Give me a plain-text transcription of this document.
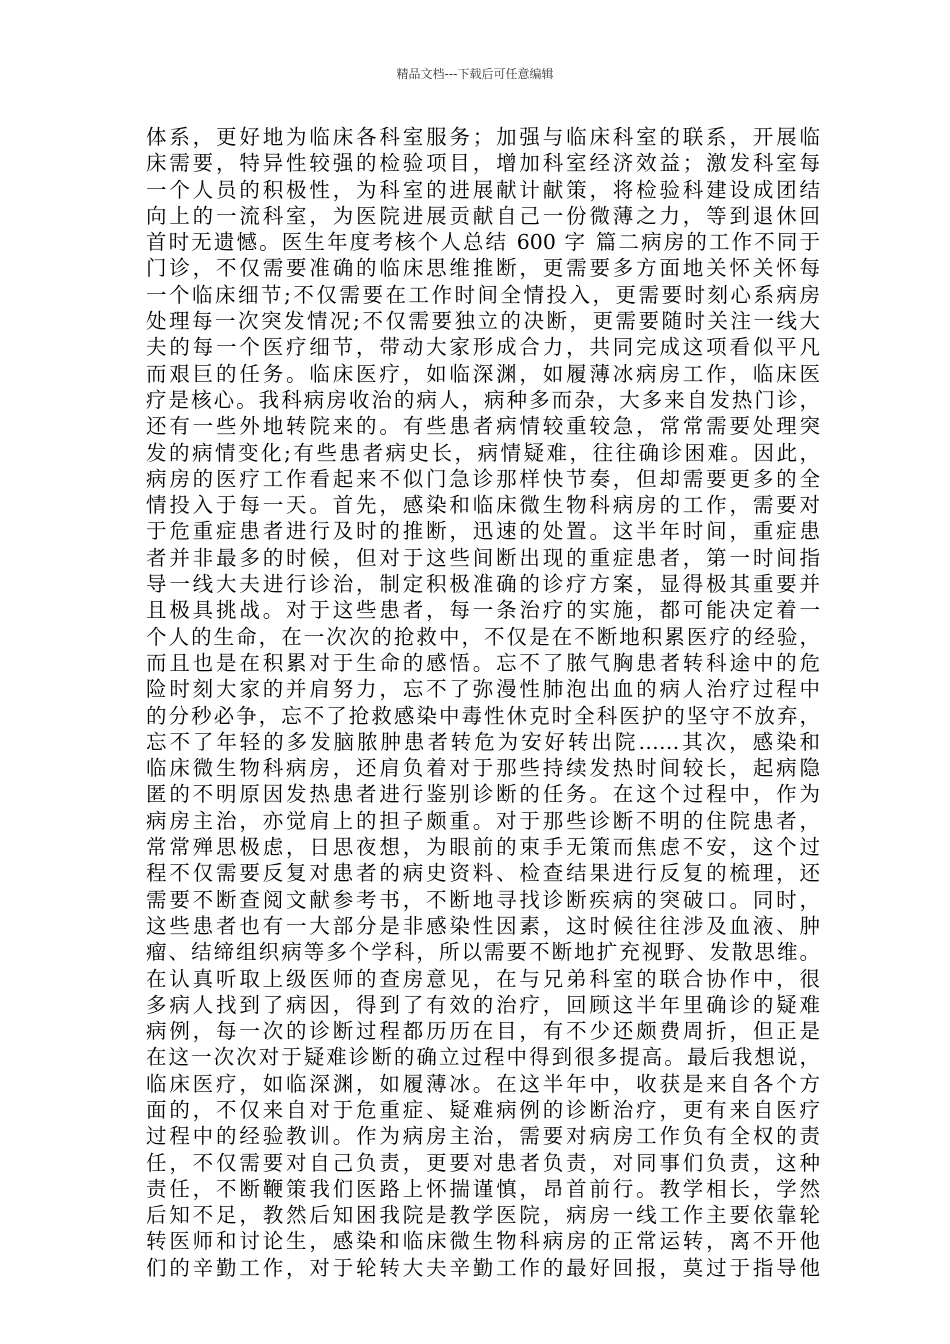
精品文档---下载后可任意编辑
体系，更好地为临床各科室服务；加强与临床科室的联系，开展临
床需要，特异性较强的检验项目，增加科室经济效益；激发科室每
一个人员的积极性，为科室的进展献计献策，将检验科建设成团结
向上的一流科室，为医院进展贡献自己一份微薄之力，等到退休回
首时无遗憾。医生年度考核个人总结 600 字 篇二病房的工作不同于
门诊，不仅需要准确的临床思维推断，更需要多方面地关怀关怀每
一个临床细节;不仅需要在工作时间全情投入，更需要时刻心系病房
处理每一次突发情况;不仅需要独立的决断，更需要随时关注一线大
夫的每一个医疗细节，带动大家形成合力，共同完成这项看似平凡
而艰巨的任务。临床医疗，如临深渊，如履薄冰病房工作，临床医
疗是核心。我科病房收治的病人，病种多而杂，大多来自发热门诊，
还有一些外地转院来的。有些患者病情较重较急，常常需要处理突
发的病情变化;有些患者病史长，病情疑难，往往确诊困难。因此，
病房的医疗工作看起来不似门急诊那样快节奏，但却需要更多的全
情投入于每一天。首先，感染和临床微生物科病房的工作，需要对
于危重症患者进行及时的推断，迅速的处置。这半年时间，重症患
者并非最多的时候，但对于这些间断出现的重症患者，第一时间指
导一线大夫进行诊治，制定积极准确的诊疗方案，显得极其重要并
且极具挑战。对于这些患者，每一条治疗的实施，都可能决定着一
个人的生命，在一次次的抢救中，不仅是在不断地积累医疗的经验，
而且也是在积累对于生命的感悟。忘不了脓气胸患者转科途中的危
险时刻大家的并肩努力，忘不了弥漫性肺泡出血的病人治疗过程中
的分秒必争，忘不了抢救感染中毒性休克时全科医护的坚守不放弃，
忘不了年轻的多发脑脓肿患者转危为安好转出院……其次，感染和
临床微生物科病房，还肩负着对于那些持续发热时间较长，起病隐
匿的不明原因发热患者进行鉴别诊断的任务。在这个过程中，作为
病房主治，亦觉肩上的担子颇重。对于那些诊断不明的住院患者，
常常殚思极虑，日思夜想，为眼前的束手无策而焦虑不安，这个过
程不仅需要反复对患者的病史资料、检查结果进行反复的梳理，还
需要不断查阅文献参考书，不断地寻找诊断疾病的突破口。同时，
这些患者也有一大部分是非感染性因素，这时候往往涉及血液、肿
瘤、结缔组织病等多个学科，所以需要不断地扩充视野、发散思维。
在认真听取上级医师的查房意见，在与兄弟科室的联合协作中，很
多病人找到了病因，得到了有效的治疗，回顾这半年里确诊的疑难
病例，每一次的诊断过程都历历在目，有不少还颇费周折，但正是
在这一次次对于疑难诊断的确立过程中得到很多提高。最后我想说，
临床医疗，如临深渊，如履薄冰。在这半年中，收获是来自各个方
面的，不仅来自对于危重症、疑难病例的诊断治疗，更有来自医疗
过程中的经验教训。作为病房主治，需要对病房工作负有全权的责
任，不仅需要对自己负责，更要对患者负责，对同事们负责，这种
责任，不断鞭策我们医路上怀揣谨慎，昂首前行。教学相长，学然
后知不足，教然后知困我院是教学医院，病房一线工作主要依靠轮
转医师和讨论生，感染和临床微生物科病房的正常运转，离不开他
们的辛勤工作，对于轮转大夫辛勤工作的最好回报，莫过于指导他
